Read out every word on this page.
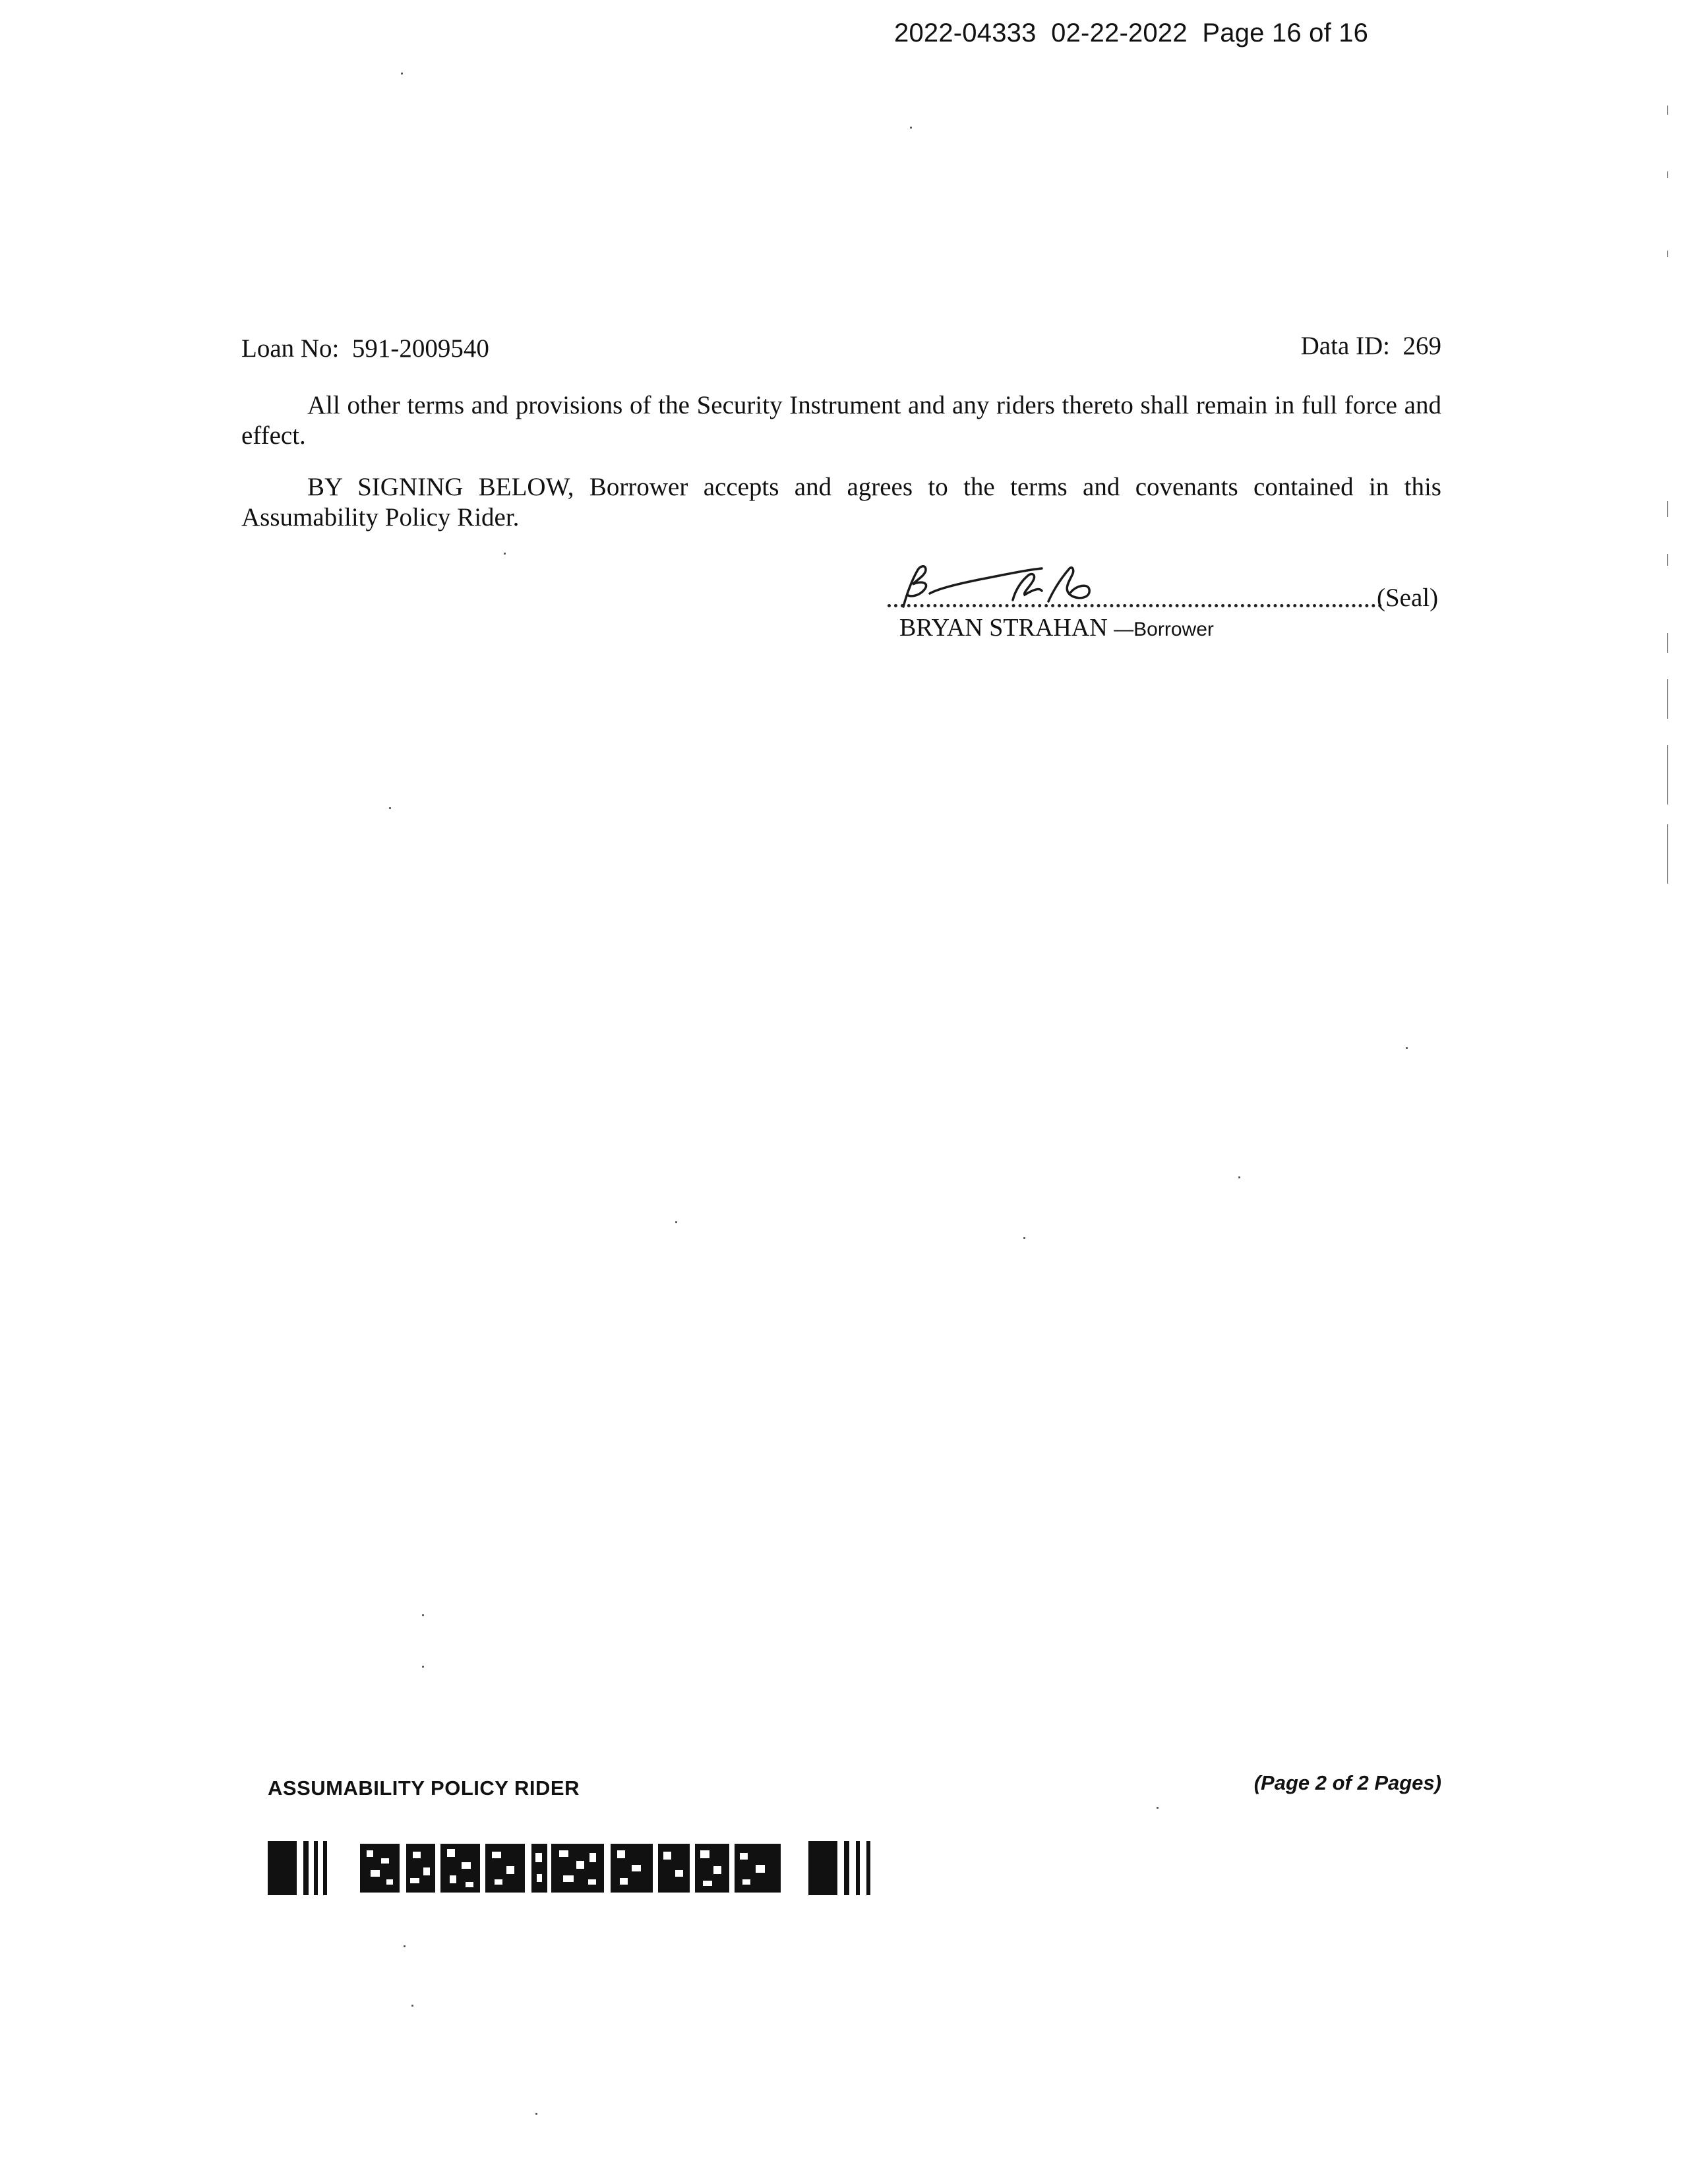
2022-04333  02-22-2022  Page 16 of 16
Loan No:  591-2009540	Data ID:  269
All other terms and provisions of the Security Instrument and any riders thereto shall remain in full force and effect.
BY SIGNING BELOW, Borrower accepts and agrees to the terms and covenants contained in this Assumability Policy Rider.
(Seal)
BRYAN STRAHAN —Borrower
ASSUMABILITY POLICY RIDER	(Page 2 of 2 Pages)
